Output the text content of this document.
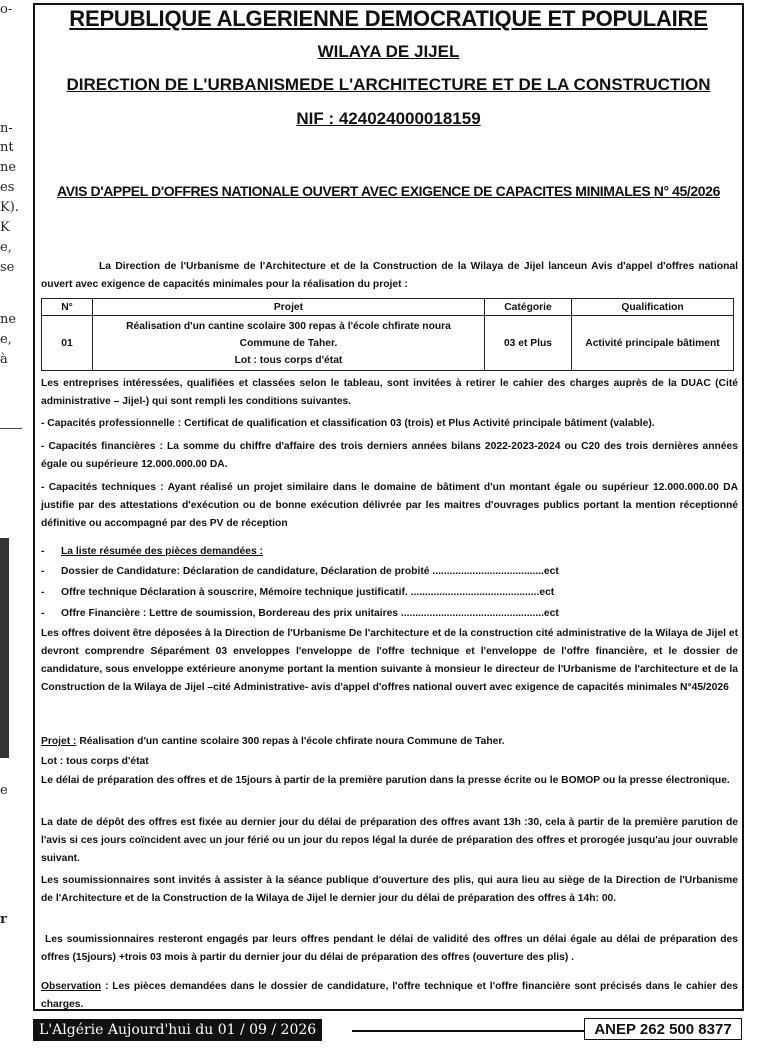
o-
n-
nt
ne
es
K).
K
e,
se
ne
e,
à
e
r
REPUBLIQUE ALGERIENNE DEMOCRATIQUE ET POPULAIRE
WILAYA DE JIJEL
DIRECTION DE L'URBANISMEDE L'ARCHITECTURE ET DE LA CONSTRUCTION
NIF : 424024000018159
AVIS D'APPEL D'OFFRES NATIONALE OUVERT AVEC EXIGENCE DE CAPACITES MINIMALES N° 45/2026
La Direction de l'Urbanisme de l'Architecture et de la Construction de la Wilaya de Jijel lanceun Avis d'appel d'offres national ouvert avec exigence de capacités minimales pour la réalisation du projet :
N°	Projet	Catégorie	Qualification
01	Réalisation d'un cantine scolaire 300 repas à l'école chfirate noura
Commune de Taher.
Lot : tous corps d'état	03 et Plus	Activité principale bâtiment
Les entreprises intéressées, qualifiées et classées selon le tableau, sont invitées à retirer le cahier des charges auprès de la DUAC (Cité administrative – Jijel-) qui sont rempli les conditions suivantes.
- Capacités professionnelle : Certificat de qualification et classification 03 (trois) et Plus Activité principale bâtiment (valable).
- Capacités financières : La somme du chiffre d'affaire des trois derniers années bilans 2022-2023-2024 ou C20 des trois dernières années égale ou supérieure 12.000.000.00 DA.
- Capacités techniques : Ayant réalisé un projet similaire dans le domaine de bâtiment d'un montant égale ou supérieur 12.000.000.00 DA justifie par des attestations d'exécution ou de bonne exécution délivrée par les maitres d'ouvrages publics portant la mention réceptionné définitive ou accompagné par des PV de réception
- La liste résumée des pièces demandées :
- Dossier de Candidature: Déclaration de candidature, Déclaration de probité .......................................ect
- Offre technique Déclaration à souscrire, Mémoire technique justificatif. .............................................ect
- Offre Financière : Lettre de soumission, Bordereau des prix unitaires ..................................................ect
Les offres doivent être déposées à la Direction de l'Urbanisme De l'architecture et de la construction cité administrative de la Wilaya de Jijel et devront comprendre Séparément 03 enveloppes l'enveloppe de l'offre technique et l'enveloppe de l'offre financière, et le dossier de candidature, sous enveloppe extérieure anonyme portant la mention suivante à monsieur le directeur de l'Urbanisme de l'architecture et de la Construction de la Wilaya de Jijel –cité Administrative- avis d'appel d'offres national ouvert avec exigence de capacités minimales N°45/2026
Projet : Réalisation d'un cantine scolaire 300 repas à l'école chfirate noura Commune de Taher.
Lot : tous corps d'état
Le délai de préparation des offres et de 15jours à partir de la première parution dans la presse écrite ou le BOMOP ou la presse électronique.
La date de dépôt des offres est fixée au dernier jour du délai de préparation des offres avant 13h :30, cela à partir de la première parution de l'avis si ces jours coïncident avec un jour férié ou un jour du repos légal la durée de préparation des offres et prorogée jusqu'au jour ouvrable suivant.
Les soumissionnaires sont invités à assister à la séance publique d'ouverture des plis, qui aura lieu au siège de la Direction de l'Urbanisme de l'Architecture et de la Construction de la Wilaya de Jijel le dernier jour du délai de préparation des offres à 14h: 00.
Les soumissionnaires resteront engagés par leurs offres pendant le délai de validité des offres un délai égale au délai de préparation des offres (15jours) +trois 03 mois à partir du dernier jour du délai de préparation des offres (ouverture des plis) .
Observation : Les pièces demandées dans le dossier de candidature, l'offre technique et l'offre financière sont précisés dans le cahier des charges.
L'Algérie Aujourd'hui du 01 / 09 / 2026	ANEP 262 500 8377
